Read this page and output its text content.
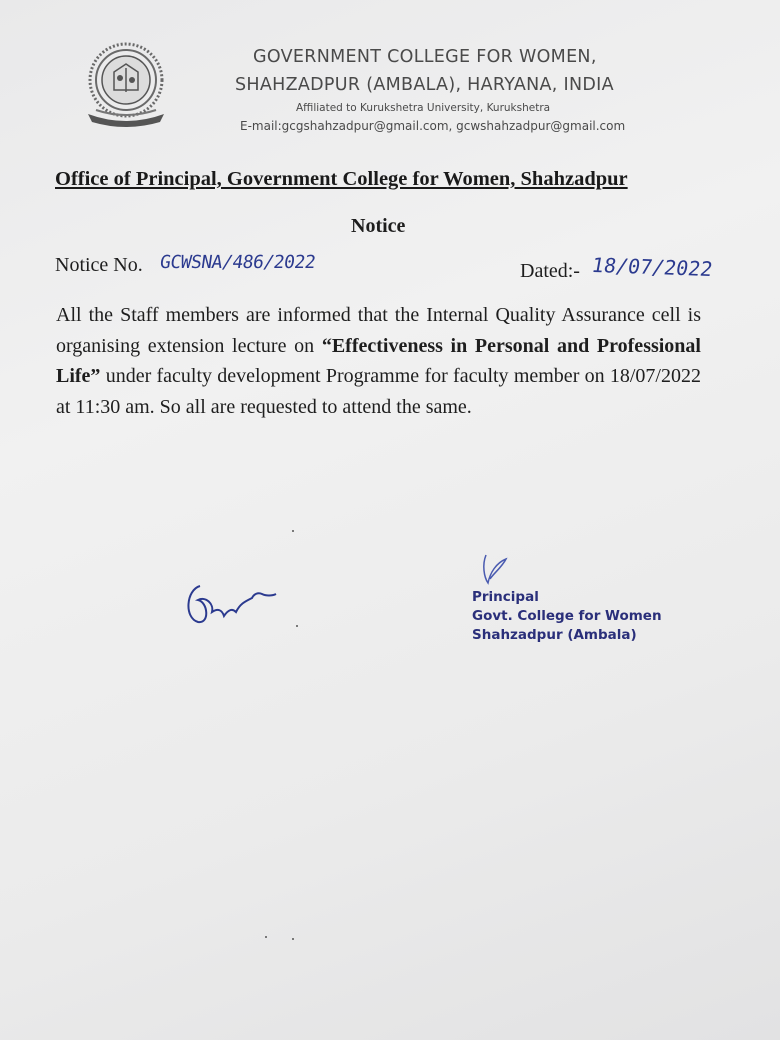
GOVERNMENT COLLEGE FOR WOMEN,
SHAHZADPUR (AMBALA), HARYANA, INDIA
Affiliated to Kurukshetra University, Kurukshetra
E-mail:gcgshahzadpur@gmail.com, gcwshahzadpur@gmail.com
Office of Principal, Government College for Women, Shahzadpur
Notice
Notice No. GCWSNA/486/2022	Dated:- 18/07/2022
All the Staff members are informed that the Internal Quality Assurance cell is organising extension lecture on “Effectiveness in Personal and Professional Life” under faculty development Programme for faculty member on 18/07/2022 at 11:30 am. So all are requested to attend the same.
Principal
Govt. College for Women
Shahzadpur (Ambala)
